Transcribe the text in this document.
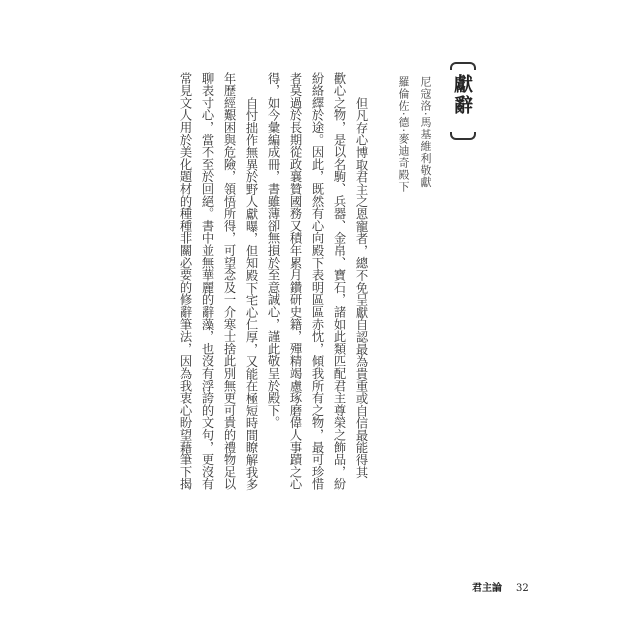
獻辭
尼寇洛·馬基維利敬獻
羅倫佐·德·麥迪奇殿下
但凡存心博取君主之恩寵者，總不免呈獻自認最為貴重或自信最能得其
歡心之物，是以名駒、兵器、金帛、寶石，諸如此類匹配君主尊榮之飾品，紛
紛絡繹於途。因此，既然有心向殿下表明區區赤忱，傾我所有之物，最可珍惜
者莫過於長期從政襄贊國務又積年累月鑽研史籍，殫精竭慮琢磨偉人事蹟之心
得，如今彙編成冊，書雖薄卻無損於至意誠心，謹此敬呈於殿下。
自忖拙作無異於野人獻曝，但知殿下宅心仁厚，又能在極短時間瞭解我多
年歷經艱困與危險，領悟所得，可望念及一介寒士捨此別無更可貴的禮物足以
聊表寸心，當不至於回絕。書中並無華麗的辭藻，也沒有浮誇的文句，更沒有
常見文人用於美化題材的種種非關必要的修辭筆法，因為我衷心盼望藉筆下揭
君主論 32
